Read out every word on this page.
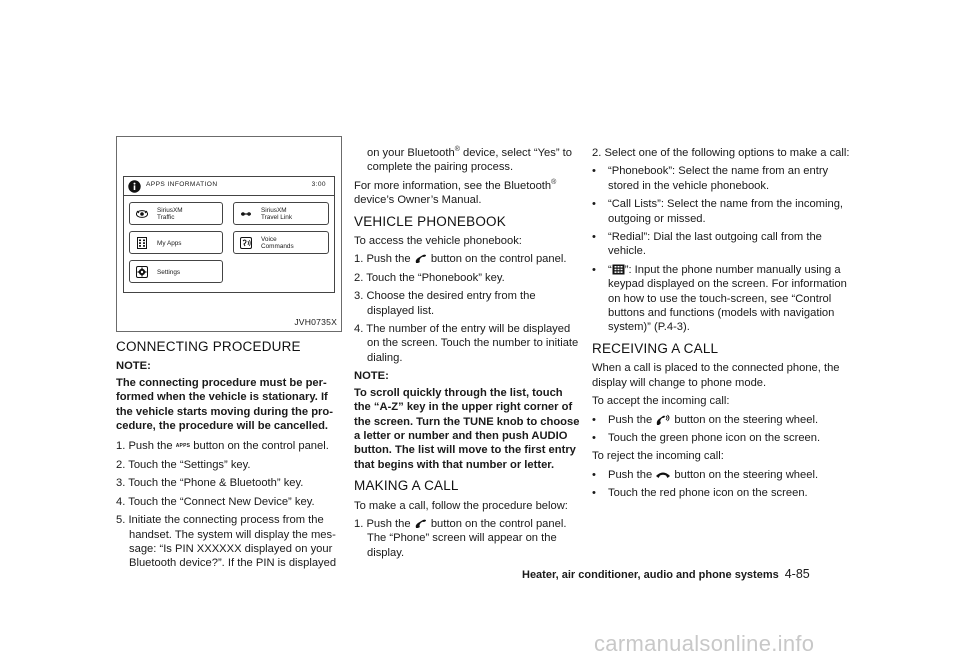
APPS INFORMATION	3:00
SiriusXM
Traffic
SiriusXM
Travel Link
My Apps
Voice
Commands
Settings
JVH0735X
CONNECTING PROCEDURE

NOTE:

The connecting procedure must be per-formed when the vehicle is stationary. If the vehicle starts moving during the pro-cedure, the procedure will be cancelled.

1. Push the APPS button on the control panel.

2. Touch the “Settings” key.

3. Touch the “Phone & Bluetooth” key.

4. Touch the “Connect New Device” key.

5. Initiate the connecting process from the handset. The system will display the mes-sage: “Is PIN XXXXXX displayed on your Bluetooth device?”. If the PIN is displayed

on your Bluetooth® device, select “Yes” to complete the pairing process.

For more information, see the Bluetooth® device’s Owner’s Manual.

VEHICLE PHONEBOOK

To access the vehicle phonebook:

1. Push the  button on the control panel.

2. Touch the “Phonebook” key.

3. Choose the desired entry from the displayed list.

4. The number of the entry will be displayed on the screen. Touch the number to initiate dialing.

NOTE:

To scroll quickly through the list, touch the “A-Z” key in the upper right corner of the screen. Turn the TUNE knob to choose a letter or number and then push AUDIO button. The list will move to the first entry that begins with that number or letter.

MAKING A CALL

To make a call, follow the procedure below:

1. Push the  button on the control panel. The “Phone” screen will appear on the display.

2. Select one of the following options to make a call:

• “Phonebook”: Select the name from an entry stored in the vehicle phonebook.

• “Call Lists”: Select the name from the incoming, outgoing or missed.

• “Redial”: Dial the last outgoing call from the vehicle.

• “ ”: Input the phone number manually using a keypad displayed on the screen. For information on how to use the touch-screen, see “Control buttons and functions (models with navigation system)” (P.4-3).

RECEIVING A CALL

When a call is placed to the connected phone, the display will change to phone mode.

To accept the incoming call:

• Push the  button on the steering wheel.

• Touch the green phone icon on the screen.

To reject the incoming call:

• Push the  button on the steering wheel.

• Touch the red phone icon on the screen.

Heater, air conditioner, audio and phone systems 4-85
carmanualsonline.info
